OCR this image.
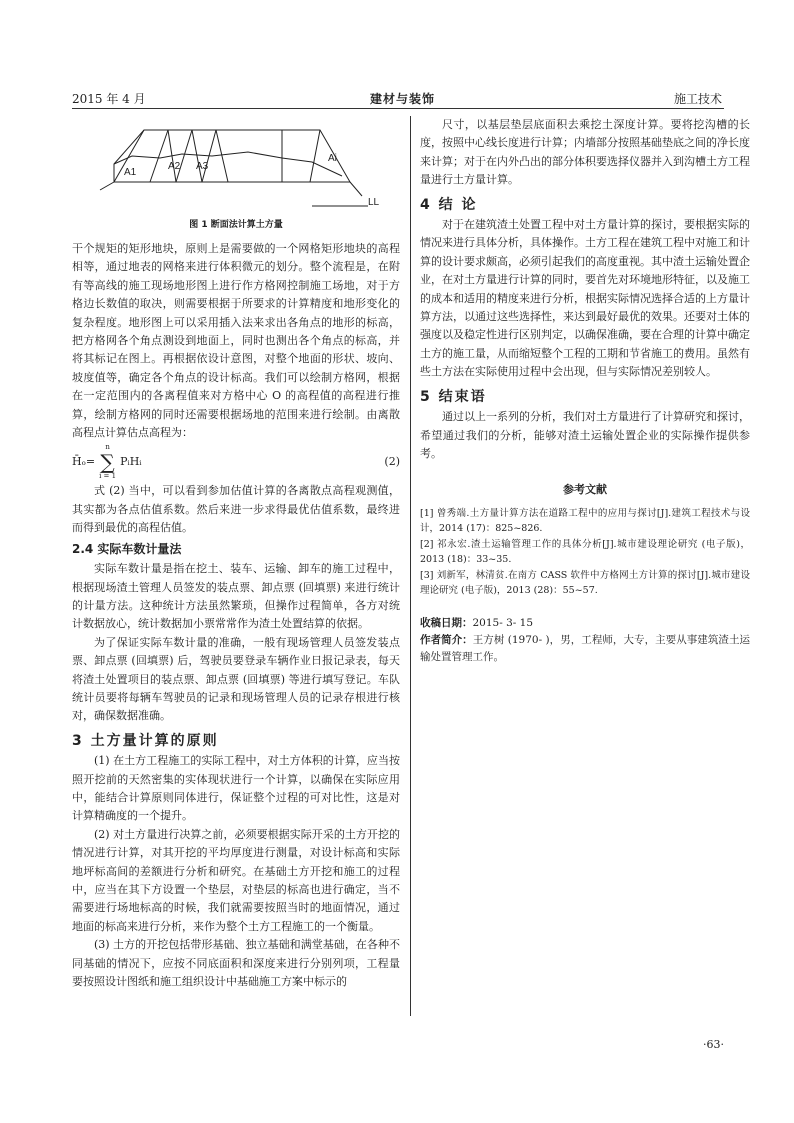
2015 年 4 月	建材与装饰	施工技术
A1
A2 A3
Ai
LL
图 1 断面法计算土方量

干个规矩的矩形地块，原则上是需要做的一个网格矩形地块的高程相等，通过地表的网格来进行体积微元的划分。整个流程是，在附有等高线的施工现场地形图上进行作方格网控制施工场地，对于方格边长数值的取决，则需要根据于所要求的计算精度和地形变化的复杂程度。地形图上可以采用插入法来求出各角点的地形的标高，把方格网各个角点测设到地面上，同时也测出各个角点的标高，并将其标记在图上。再根据依设计意图，对整个地面的形状、坡向、坡度值等，确定各个角点的设计标高。我们可以绘制方格网，根据在一定范围内的各离程值来对方格中心 O 的高程值的高程进行推算，绘制方格网的同时还需要根据场地的范围来进行绘制。由离散高程点计算估点高程为：

H̄ₒ=
n
∑
i = 1
PᵢHᵢ	(2)

式 (2) 当中，可以看到参加估值计算的各离散点高程观测值，其实都为各点估值系数。然后来进一步求得最优估值系数，最终进而得到最优的高程估值。

2.4 实际车数计量法

实际车数计量是指在挖土、装车、运输、卸车的施工过程中，根据现场渣土管理人员签发的装点票、卸点票 (回填票) 来进行统计的计量方法。这种统计方法虽然繁琐，但操作过程简单，各方对统计数据放心，统计数据加小票常常作为渣土处置结算的依据。

为了保证实际车数计量的准确，一般有现场管理人员签发装点票、卸点票 (回填票) 后，驾驶员要登录车辆作业日报记录表，每天将渣土处置项目的装点票、卸点票 (回填票) 等进行填写登记。车队统计员要将每辆车驾驶员的记录和现场管理人员的记录存根进行核对，确保数据准确。

3 土方量计算的原则

(1) 在土方工程施工的实际工程中，对土方体积的计算，应当按照开挖前的天然密集的实体现状进行一个计算，以确保在实际应用中，能结合计算原则同体进行，保证整个过程的可对比性，这是对计算精确度的一个提升。

(2) 对土方量进行决算之前，必须要根据实际开采的土方开挖的情况进行计算，对其开挖的平均厚度进行测量，对设计标高和实际地坪标高间的差额进行分析和研究。在基础土方开挖和施工的过程中，应当在其下方设置一个垫层，对垫层的标高也进行确定，当不需要进行场地标高的时候，我们就需要按照当时的地面情况，通过地面的标高来进行分析，来作为整个土方工程施工的一个衡量。

(3) 土方的开挖包括带形基础、独立基础和满堂基础，在各种不同基础的情况下，应按不同底面积和深度来进行分别列项，工程量要按照设计图纸和施工组织设计中基础施工方案中标示的

尺寸，以基层垫层底面积去乘挖土深度计算。要将挖沟槽的长度，按照中心线长度进行计算；内墙部分按照基础垫底之间的净长度来计算；对于在内外凸出的部分体积要选择仪器并入到沟槽土方工程量进行土方量计算。

4 结 论

对于在建筑渣土处置工程中对土方量计算的探讨，要根据实际的情况来进行具体分析，具体操作。土方工程在建筑工程中对施工和计算的设计要求颇高，必须引起我们的高度重视。其中渣土运输处置企业，在对土方量进行计算的同时，要首先对环境地形特征，以及施工的成本和适用的精度来进行分析，根据实际情况选择合适的上方量计算方法，以通过这些选择性，来达到最好最优的效果。还要对土体的强度以及稳定性进行区别判定，以确保准确，要在合理的计算中确定土方的施工量，从而缩短整个工程的工期和节省施工的费用。虽然有些土方法在实际使用过程中会出现，但与实际情况差别较人。

5 结束语

通过以上一系列的分析，我们对土方量进行了计算研究和探讨，希望通过我们的分析，能够对渣土运输处置企业的实际操作提供参考。

参考文献

[1] 曾秀端.土方量计算方法在道路工程中的应用与探讨[J].建筑工程技术与设计，2014 (17)：825~826.

[2] 祁永宏.渣土运输管理工作的具体分析[J].城市建设理论研究 (电子版)，2013 (18)：33~35.

[3] 刘新军，林清贫.在南方 CASS 软件中方格网土方计算的探讨[J].城市建设理论研究 (电子版)，2013 (28)：55~57.

收稿日期：2015- 3- 15

作者简介：王方树 (1970- )，男，工程师，大专，主要从事建筑渣土运输处置管理工作。

·63·
